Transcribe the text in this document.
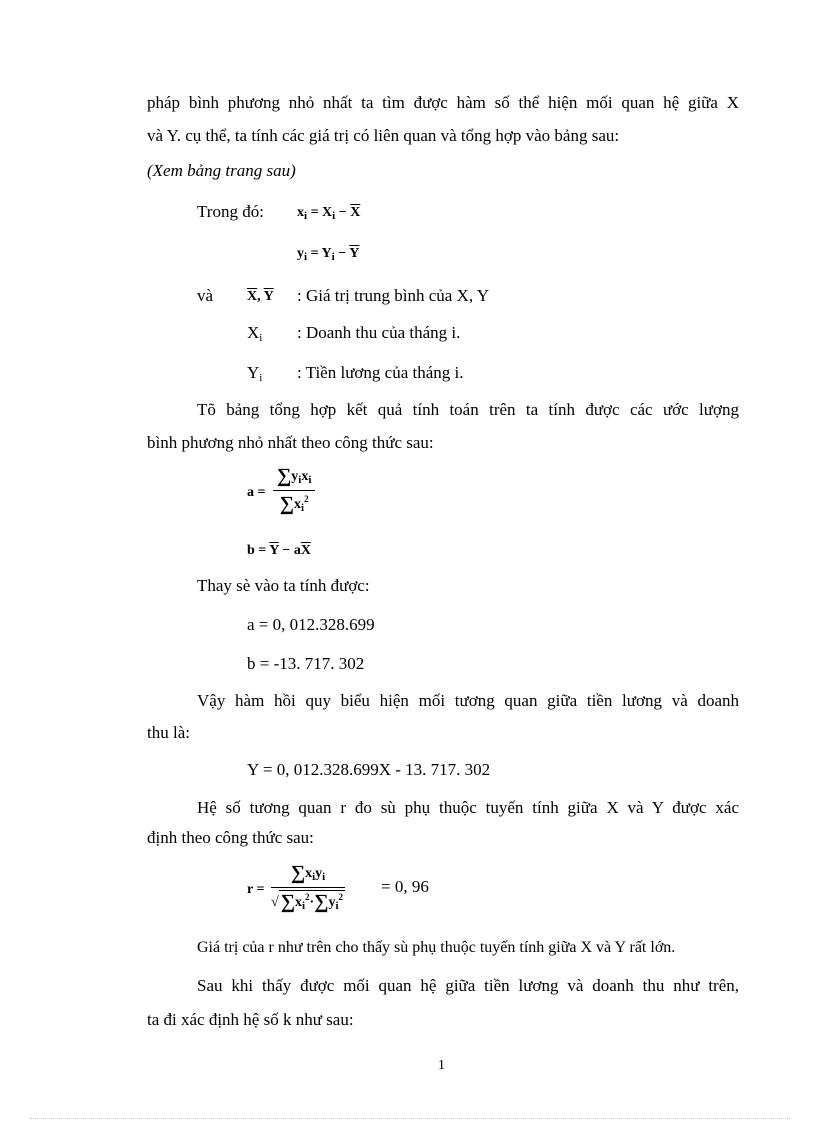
pháp bình phương nhỏ nhất ta tìm được hàm số thể hiện mối quan hệ giữa X
và Y. cụ thể, ta tính các giá trị có liên quan và tổng hợp vào bảng sau:
(Xem bảng trang sau)
Trong đó: $x_i = X_i - \overline{X}$
$y_i = Y_i - \overline{Y}$
và $\overline{X}$, $\overline{Y}$ : Giá trị trung bình của X, Y
$X_i$ : Doanh thu của tháng i.
$Y_i$ : Tiền lương của tháng i.
Tõ bảng tổng hợp kết quả tính toán trên ta tính được các ước lượng
bình phương nhỏ nhất theo công thức sau:
a =
$\sum y_ix_i$
$\sum x_i^2$
$b = \overline{Y} - a\overline{X}$
Thay sè vào ta tính được:
a = 0, 012.328.699
b = -13. 717. 302
Vậy hàm hồi quy biểu hiện mối tương quan giữa tiền lương và doanh
thu là:
Y = 0, 012.328.699X - 13. 717. 302
Hệ số tương quan r đo sù phụ thuộc tuyến tính giữa X và Y được xác
định theo công thức sau:
r =
$\sum x_iy_i$
√ $\sum x_i^2\cdot\sum y_i^2$
= 0, 96
Giá trị của r như trên cho thấy sù phụ thuộc tuyến tính giữa X và Y rất lớn.
Sau khi thấy được mối quan hệ giữa tiền lương và doanh thu như trên,
ta đi xác định hệ số k như sau:
1
